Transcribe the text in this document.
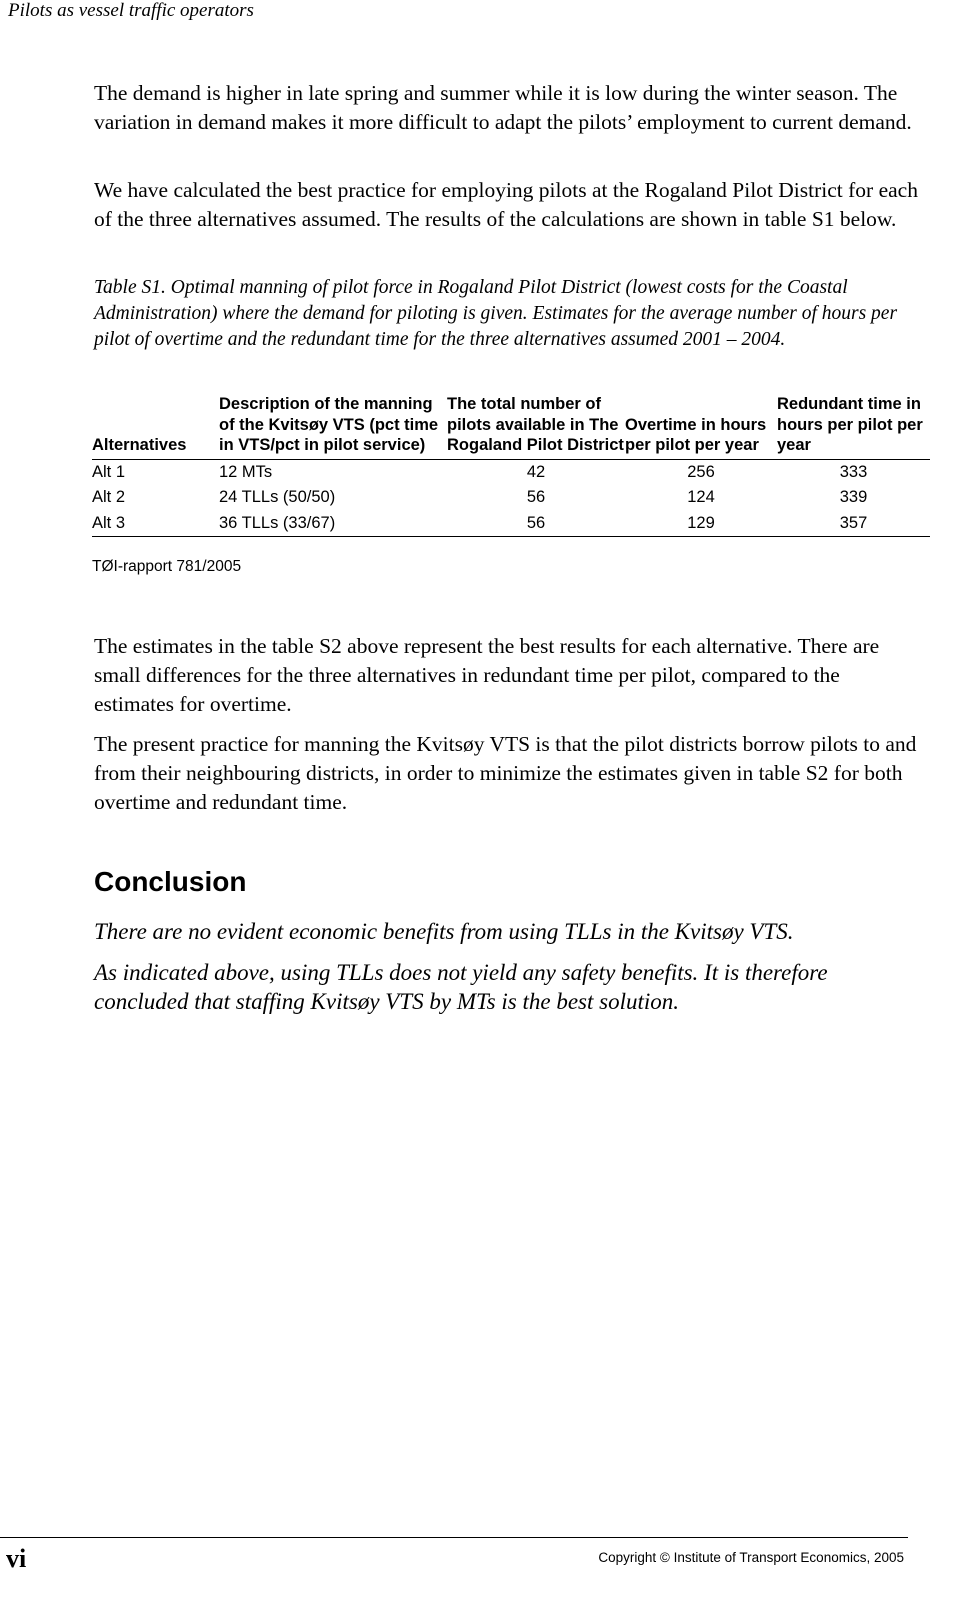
Pilots as vessel traffic operators

The demand is higher in late spring and summer while it is low during the winter season. The variation in demand makes it more difficult to adapt the pilots’ employment to current demand.

We have calculated the best practice for employing pilots at the Rogaland Pilot District for each of the three alternatives assumed. The results of the calculations are shown in table S1 below.

Table S1. Optimal manning of pilot force in Rogaland Pilot District (lowest costs for the Coastal Administration) where the demand for piloting is given. Estimates for the average number of hours per pilot of overtime and the redundant time for the three alternatives assumed 2001 – 2004.

Alternatives	Description of the manning of the Kvitsøy VTS (pct time in VTS/pct in pilot service)	The total number of pilots available in The Rogaland Pilot District	Overtime in hours per pilot per year	Redundant time in hours per pilot per year
Alt 1	12 MTs	42	256	333
Alt 2	24 TLLs (50/50)	56	124	339
Alt 3	36 TLLs (33/67)	56	129	357
TØI-rapport 781/2005

The estimates in the table S2 above represent the best results for each alternative. There are small differences for the three alternatives in redundant time per pilot, compared to the estimates for overtime.

The present practice for manning the Kvitsøy VTS is that the pilot districts borrow pilots to and from their neighbouring districts, in order to minimize the estimates given in table S2 for both overtime and redundant time.

Conclusion

There are no evident economic benefits from using TLLs in the Kvitsøy VTS.

As indicated above, using TLLs does not yield any safety benefits. It is therefore concluded that staffing Kvitsøy VTS by MTs is the best solution.

vi	Copyright © Institute of Transport Economics, 2005
